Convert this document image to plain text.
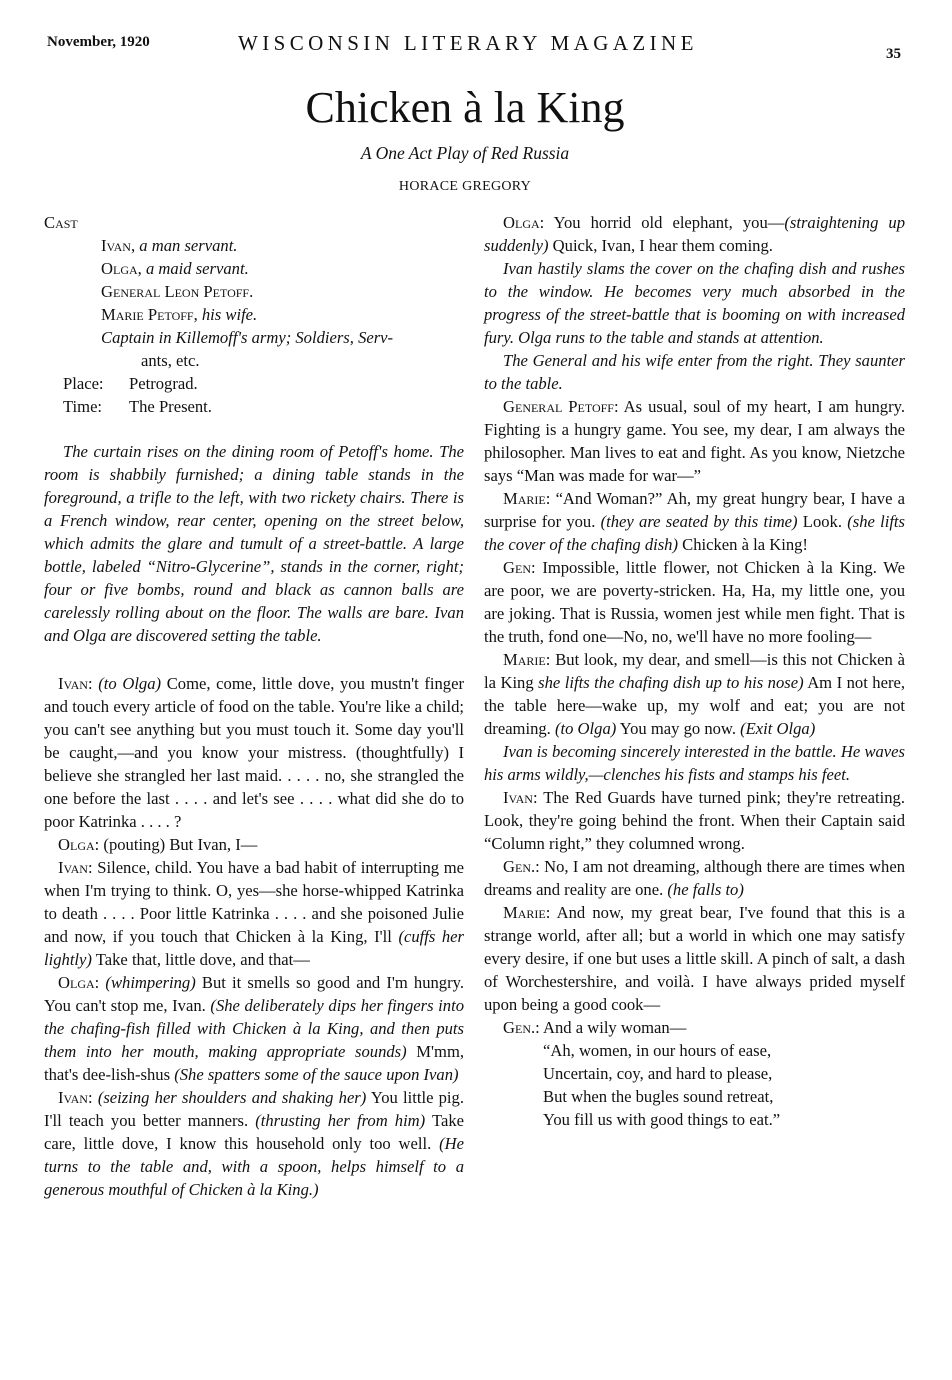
November, 1920	WISCONSIN LITERARY MAGAZINE	35
Chicken à la King
A One Act Play of Red Russia
HORACE GREGORY

Cast

Ivan, a man servant.

Olga, a maid servant.

General Leon Petoff.

Marie Petoff, his wife.

Captain in Killemoff's army; Soldiers, Serv-

ants, etc.

Place: Petrograd.

Time: The Present.

The curtain rises on the dining room of Petoff's home. The room is shabbily furnished; a dining table stands in the foreground, a trifle to the left, with two rickety chairs. There is a French window, rear center, opening on the street below, which admits the glare and tumult of a street-battle. A large bottle, labeled “Nitro-Glycerine”, stands in the corner, right; four or five bombs, round and black as cannon balls are carelessly rolling about on the floor. The walls are bare. Ivan and Olga are discovered setting the table.

Ivan: (to Olga) Come, come, little dove, you mustn't finger and touch every article of food on the table. You're like a child; you can't see anything but you must touch it. Some day you'll be caught,—and you know your mistress. (thoughtfully) I believe she strangled her last maid. . . . . no, she strangled the one before the last . . . . and let's see . . . . what did she do to poor Katrinka . . . . ?

Olga: (pouting) But Ivan, I—

Ivan: Silence, child. You have a bad habit of interrupting me when I'm trying to think. O, yes—she horse-whipped Katrinka to death . . . . Poor little Katrinka . . . . and she poisoned Julie and now, if you touch that Chicken à la King, I'll (cuffs her lightly) Take that, little dove, and that—

Olga: (whimpering) But it smells so good and I'm hungry. You can't stop me, Ivan. (She deliberately dips her fingers into the chafing-fish filled with Chicken à la King, and then puts them into her mouth, making appropriate sounds) M'mm, that's dee-lish-shus (She spatters some of the sauce upon Ivan)

Ivan: (seizing her shoulders and shaking her) You little pig. I'll teach you better manners. (thrusting her from him) Take care, little dove, I know this household only too well. (He turns to the table and, with a spoon, helps himself to a generous mouthful of Chicken à la King.)

Olga: You horrid old elephant, you—(straightening up suddenly) Quick, Ivan, I hear them coming.

Ivan hastily slams the cover on the chafing dish and rushes to the window. He becomes very much absorbed in the progress of the street-battle that is booming on with increased fury. Olga runs to the table and stands at attention.

The General and his wife enter from the right. They saunter to the table.

General Petoff: As usual, soul of my heart, I am hungry. Fighting is a hungry game. You see, my dear, I am always the philosopher. Man lives to eat and fight. As you know, Nietzche says “Man was made for war—”

Marie: “And Woman?” Ah, my great hungry bear, I have a surprise for you. (they are seated by this time) Look. (she lifts the cover of the chafing dish) Chicken à la King!

Gen: Impossible, little flower, not Chicken à la King. We are poor, we are poverty-stricken. Ha, Ha, my little one, you are joking. That is Russia, women jest while men fight. That is the truth, fond one—No, no, we'll have no more fooling—

Marie: But look, my dear, and smell—is this not Chicken à la King she lifts the chafing dish up to his nose) Am I not here, the table here—wake up, my wolf and eat; you are not dreaming. (to Olga) You may go now. (Exit Olga)

Ivan is becoming sincerely interested in the battle. He waves his arms wildly,—clenches his fists and stamps his feet.

Ivan: The Red Guards have turned pink; they're retreating. Look, they're going behind the front. When their Captain said “Column right,” they columned wrong.

Gen.: No, I am not dreaming, although there are times when dreams and reality are one. (he falls to)

Marie: And now, my great bear, I've found that this is a strange world, after all; but a world in which one may satisfy every desire, if one but uses a little skill. A pinch of salt, a dash of Worchestershire, and voilà. I have always prided myself upon being a good cook—

Gen.: And a wily woman—

“Ah, women, in our hours of ease,

Uncertain, coy, and hard to please,

But when the bugles sound retreat,

You fill us with good things to eat.”
